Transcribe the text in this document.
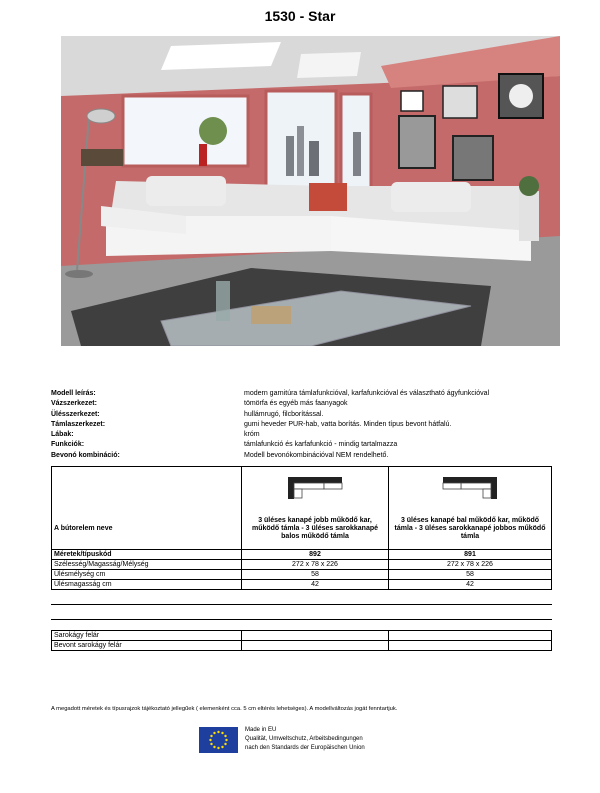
1530 - Star
Modell leírás:	modern garnitúra támlafunkcióval, karfafunkcióval és választható ágyfunkcióval
Vázszerkezet:	tömörfa és egyéb más faanyagok
Ülésszerkezet:	hullámrugó, filcborítással.
Támlaszerkezet:	gumi heveder PUR-hab, vatta borítás. Minden típus bevont hátfalú.
Lábak:	króm
Funkciók:	támlafunkció és karfafunkció - mindig tartalmazza
Bevonó kombináció:	Modell bevonókombinációval NEM rendelhető.

A bútorelem neve	3 üléses kanapé jobb működő kar, működő támla - 3 üléses sarokkanapé balos működő támla	3 üléses kanapé bal működő kar, működő támla - 3 üléses sarokkanapé jobbos működő támla
Méretek/típuskód	892	891
Szélesség/Magasság/Mélység	272 x 78 x 226	272 x 78 x 226
Ülésmélység cm	58	58
Ülésmagasság cm	42	42
Sarokágy felár		
Bevont sarokágy felár		
A megadott méretek és típusrajzok tájékoztató jellegűek ( elemenként cca. 5 cm eltérés lehetséges). A modellváltozás jogát fenntartjuk.
Made in EU
Qualität, Umweltschutz, Arbeitsbedingungen
nach den Standards der Europäischen Union
